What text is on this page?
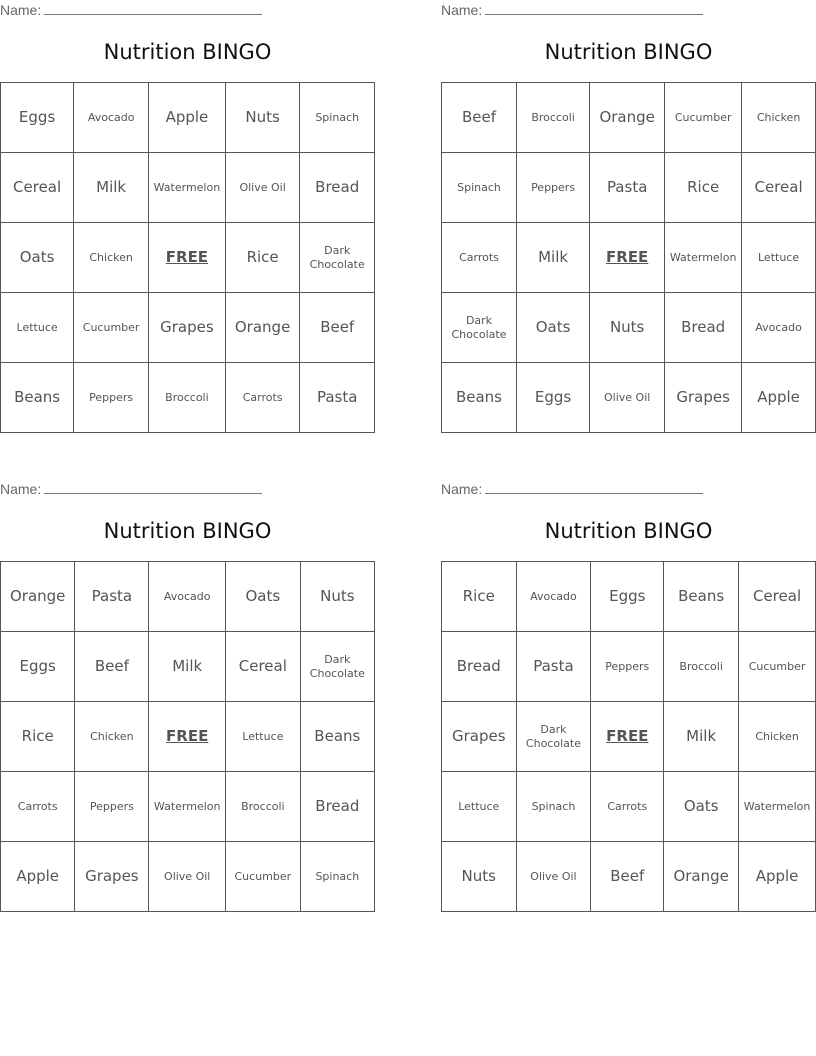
Name:
Nutrition BINGO
Eggs	Avocado	Apple	Nuts	Spinach
Cereal	Milk	Watermelon	Olive Oil	Bread
Oats	Chicken	FREE	Rice	Dark Chocolate
Lettuce	Cucumber	Grapes	Orange	Beef
Beans	Peppers	Broccoli	Carrots	Pasta
Name:
Nutrition BINGO
Beef	Broccoli	Orange	Cucumber	Chicken
Spinach	Peppers	Pasta	Rice	Cereal
Carrots	Milk	FREE	Watermelon	Lettuce
Dark Chocolate	Oats	Nuts	Bread	Avocado
Beans	Eggs	Olive Oil	Grapes	Apple
Name:
Nutrition BINGO
Orange	Pasta	Avocado	Oats	Nuts
Eggs	Beef	Milk	Cereal	Dark Chocolate
Rice	Chicken	FREE	Lettuce	Beans
Carrots	Peppers	Watermelon	Broccoli	Bread
Apple	Grapes	Olive Oil	Cucumber	Spinach
Name:
Nutrition BINGO
Rice	Avocado	Eggs	Beans	Cereal
Bread	Pasta	Peppers	Broccoli	Cucumber
Grapes	Dark Chocolate	FREE	Milk	Chicken
Lettuce	Spinach	Carrots	Oats	Watermelon
Nuts	Olive Oil	Beef	Orange	Apple
